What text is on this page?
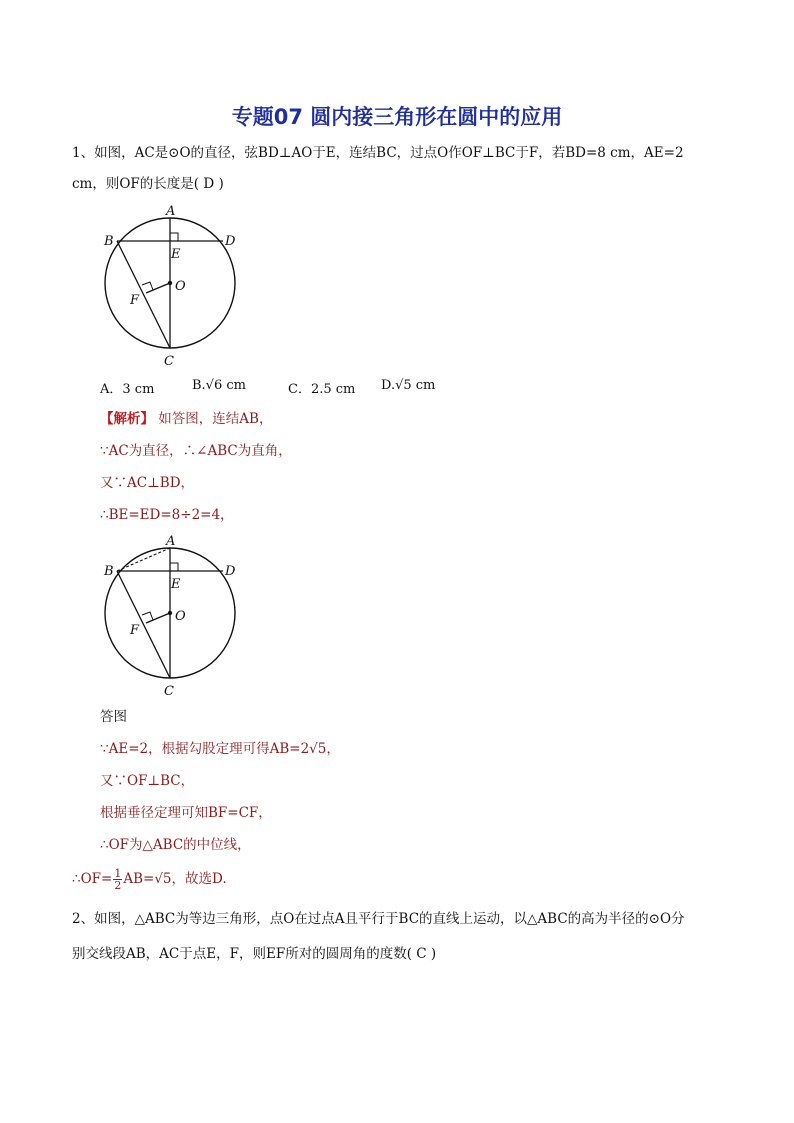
专题07 圆内接三角形在圆中的应用
1、如图，AC是⊙O的直径，弦BD⊥AO于E，连结BC，过点O作OF⊥BC于F，若BD=8 cm，AE=2
cm，则OF的长度是( D )
A
B	D
E
O
F
C
A．3 cm	B.√6 cm	C．2.5 cm D.√5 cm
【解析】 如答图，连结AB，
∵AC为直径，∴∠ABC为直角，
又∵AC⊥BD，
∴BE=ED=8÷2=4，
A
B	D
E
O
F
C
答图
∵AE=2，根据勾股定理可得AB=2√5，
又∵OF⊥BC，
根据垂径定理可知BF=CF，
∴OF为△ABC的中位线，
∴OF= $\frac{1}{2} AB=√5$，故选D.
2、如图，△ABC为等边三角形，点O在过点A且平行于BC的直线上运动，以△ABC的高为半径的⊙O分
别交线段AB，AC于点E，F，则EF所对的圆周角的度数( C )
